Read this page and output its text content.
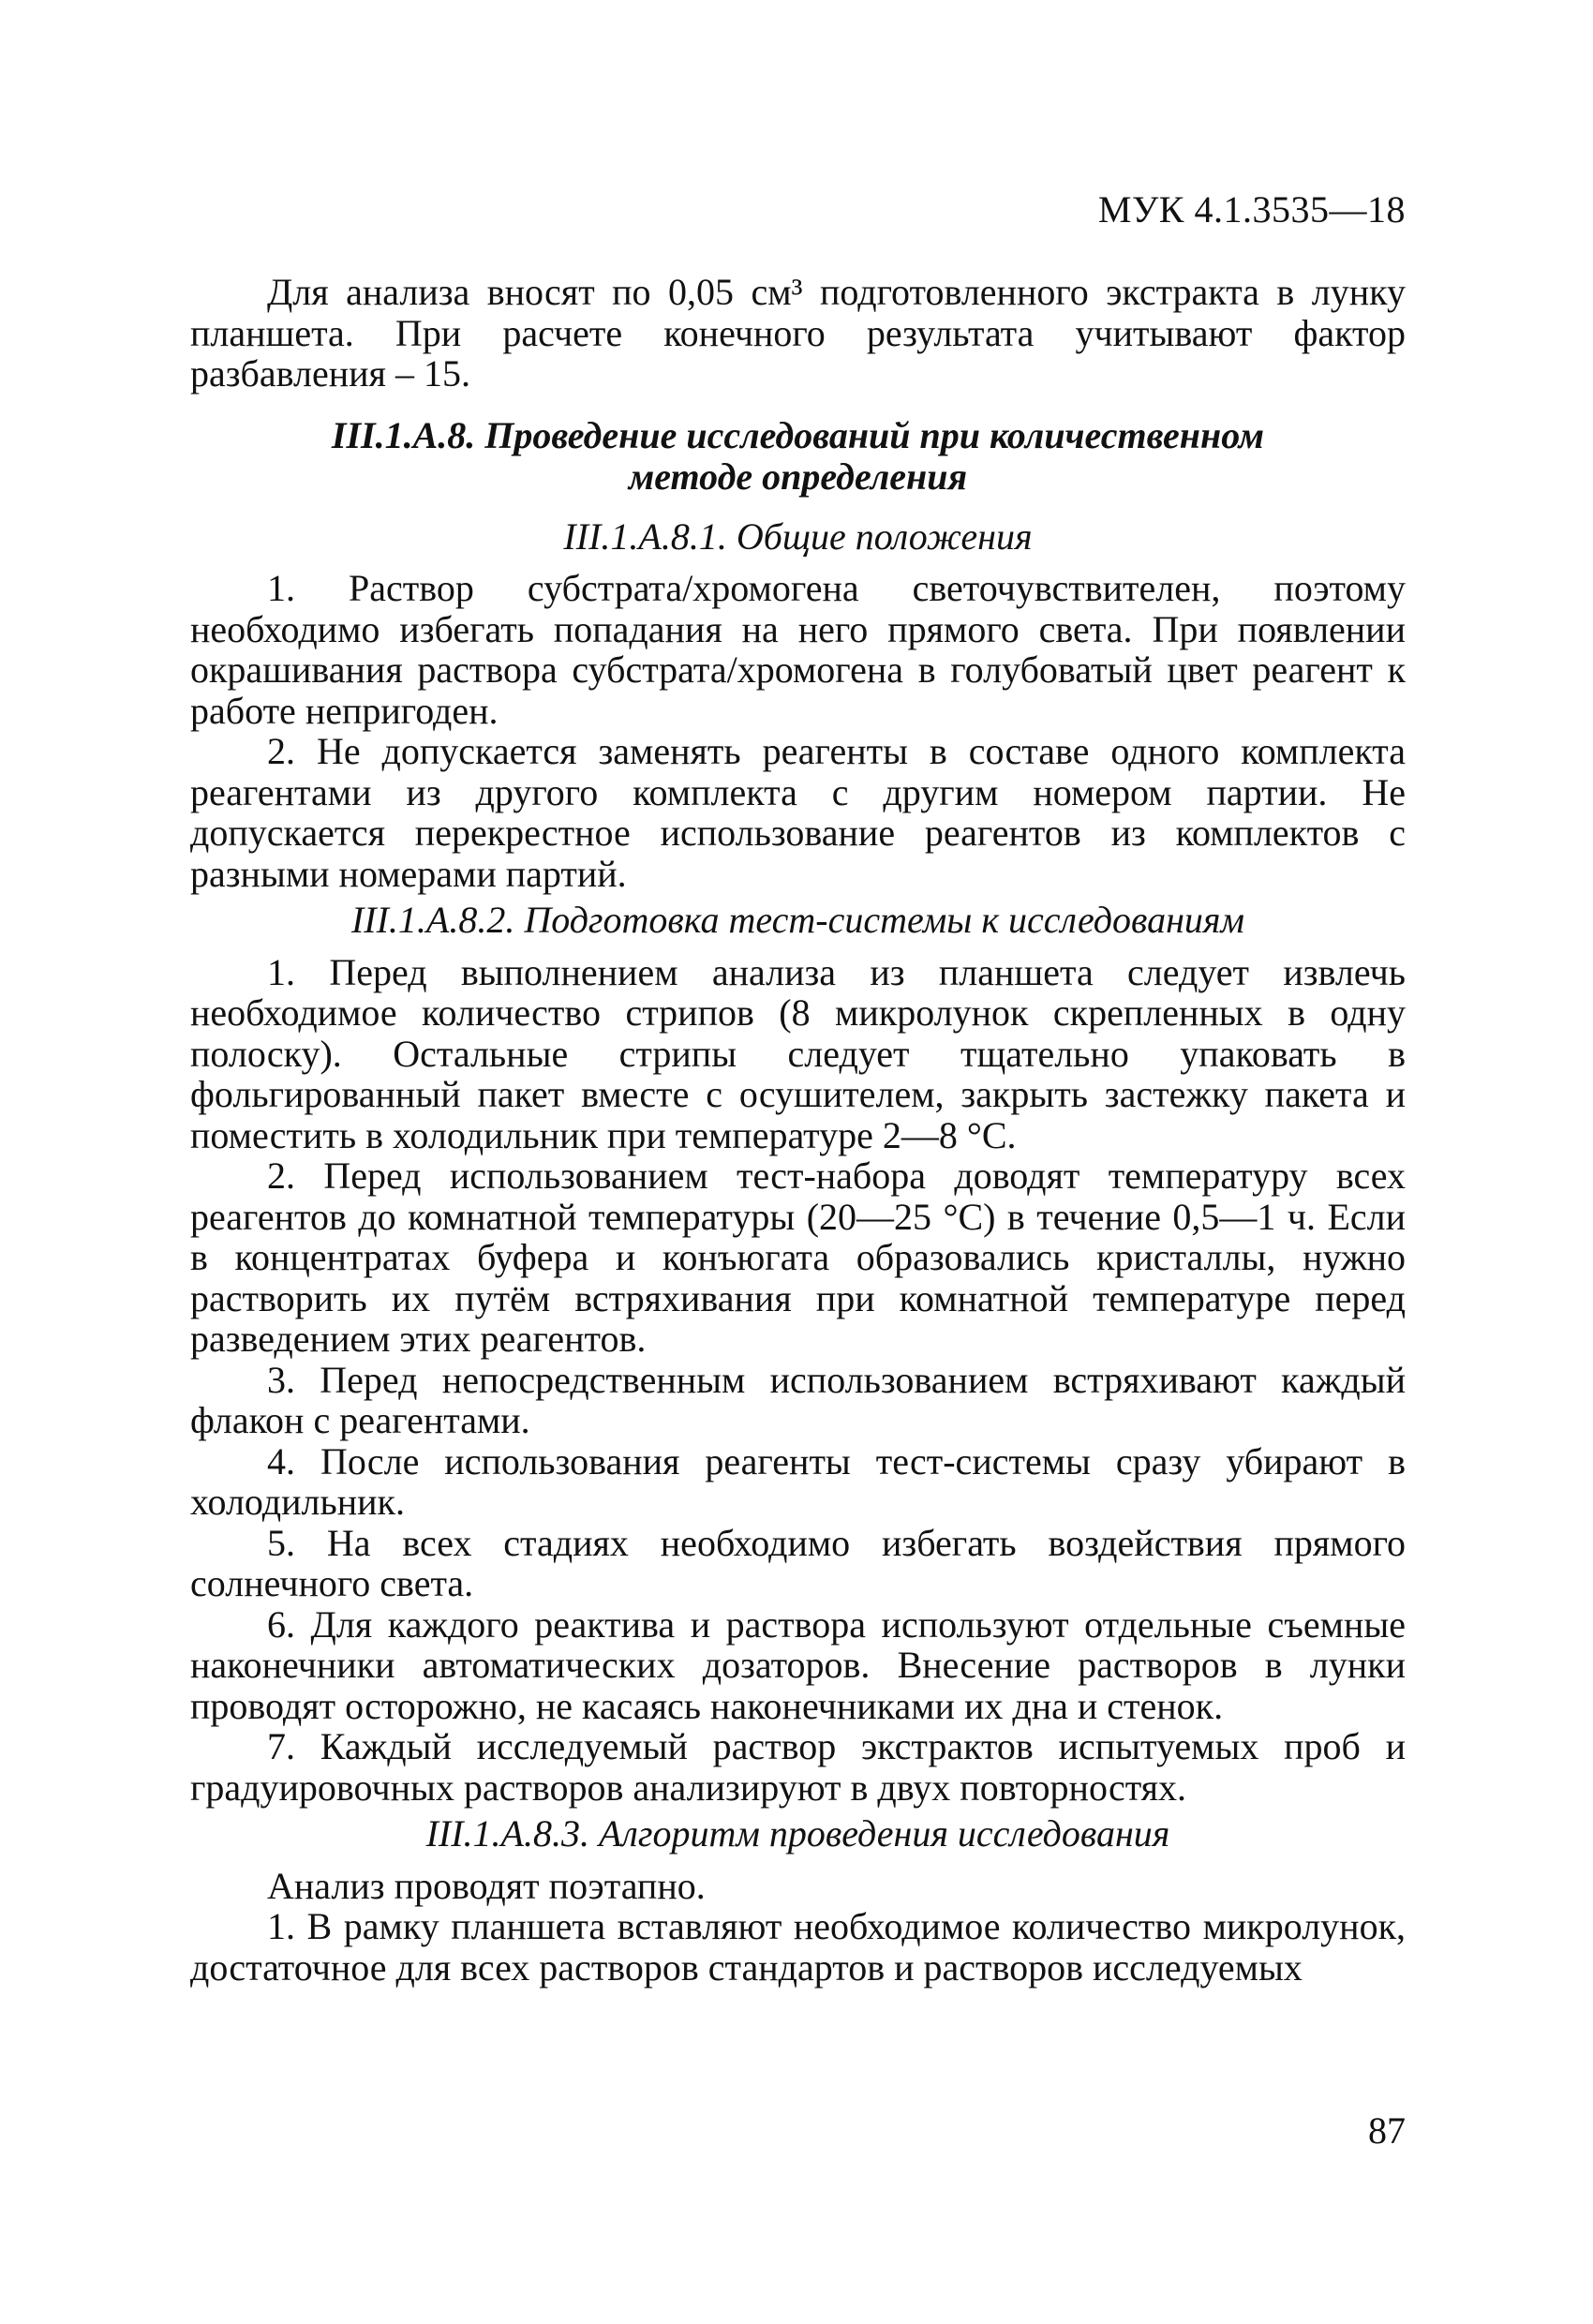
МУК 4.1.3535—18

Для анализа вносят по 0,05 см³ подготовленного экстракта в лунку планшета. При расчете конечного результата учитывают фактор разбавления – 15.

III.1.A.8. Проведение исследований при количественном
методе определения
III.1.A.8.1. Общие положения

1. Раствор субстрата/хромогена светочувствителен, поэтому необходимо избегать попадания на него прямого света. При появлении окрашивания раствора субстрата/хромогена в голубоватый цвет реагент к работе непригоден.

2. Не допускается заменять реагенты в составе одного комплекта реагентами из другого комплекта с другим номером партии. Не допускается перекрестное использование реагентов из комплектов с разными номерами партий.

III.1.A.8.2. Подготовка тест-системы к исследованиям

1. Перед выполнением анализа из планшета следует извлечь необходимое количество стрипов (8 микролунок скрепленных в одну полоску). Остальные стрипы следует тщательно упаковать в фольгированный пакет вместе с осушителем, закрыть застежку пакета и поместить в холодильник при температуре 2—8 °С.

2. Перед использованием тест-набора доводят температуру всех реагентов до комнатной температуры (20—25 °С) в течение 0,5—1 ч. Если в концентратах буфера и конъюгата образовались кристаллы, нужно растворить их путём встряхивания при комнатной температуре перед разведением этих реагентов.

3. Перед непосредственным использованием встряхивают каждый флакон с реагентами.

4. После использования реагенты тест-системы сразу убирают в холодильник.

5. На всех стадиях необходимо избегать воздействия прямого солнечного света.

6. Для каждого реактива и раствора используют отдельные съемные наконечники автоматических дозаторов. Внесение растворов в лунки проводят осторожно, не касаясь наконечниками их дна и стенок.

7. Каждый исследуемый раствор экстрактов испытуемых проб и градуировочных растворов анализируют в двух повторностях.

III.1.A.8.3. Алгоритм проведения исследования

Анализ проводят поэтапно.

1. В рамку планшета вставляют необходимое количество микролунок, достаточное для всех растворов стандартов и растворов исследуемых

87
